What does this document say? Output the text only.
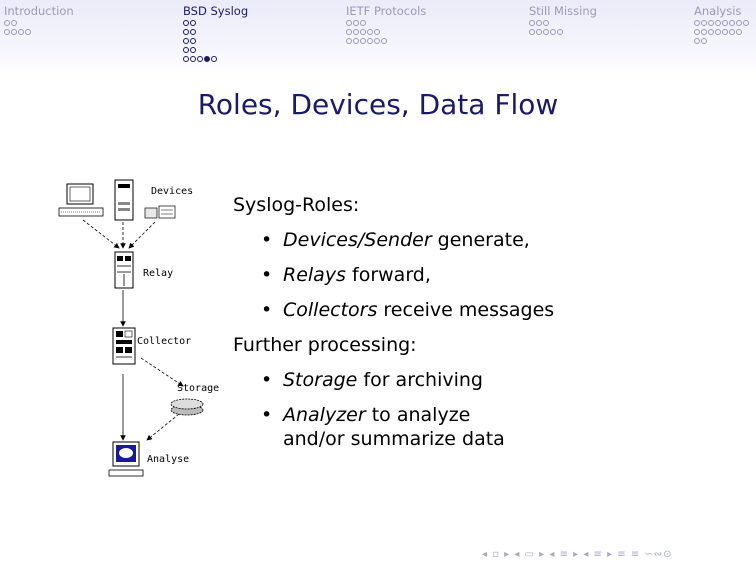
Introduction	BSD Syslog	IETF Protocols	Still Missing	Analysis
Roles, Devices, Data Flow
Devices
Relay
Collector
Storage
Analyse
Syslog-Roles:
• Devices/Sender generate,
• Relays forward,
• Collectors receive messages
Further processing:
• Storage for archiving
• Analyzer to analyze
and/or summarize data
◂ ▫ ▸ ◂ ▭ ▸ ◂ ≡ ▸ ◂ ≡ ▸ ≡ ≡ ∽∾⊙
